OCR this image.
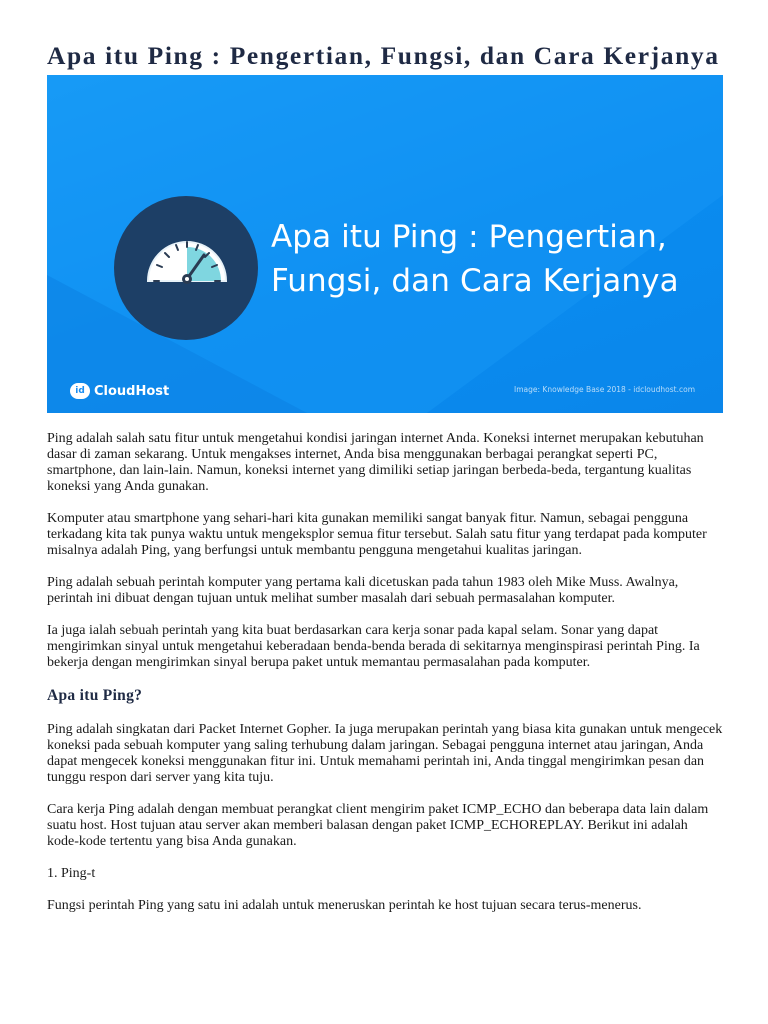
Apa itu Ping : Pengertian, Fungsi, dan Cara Kerjanya
Apa itu Ping : Pengertian,
Fungsi, dan Cara Kerjanya
id CloudHost	Image: Knowledge Base 2018 - idcloudhost.com

Ping adalah salah satu fitur untuk mengetahui kondisi jaringan internet Anda. Koneksi internet merupakan kebutuhan dasar di zaman sekarang. Untuk mengakses internet, Anda bisa menggunakan berbagai perangkat seperti PC, smartphone, dan lain-lain. Namun, koneksi internet yang dimiliki setiap jaringan berbeda-beda, tergantung kualitas koneksi yang Anda gunakan.

Komputer atau smartphone yang sehari-hari kita gunakan memiliki sangat banyak fitur. Namun, sebagai pengguna terkadang kita tak punya waktu untuk mengeksplor semua fitur tersebut. Salah satu fitur yang terdapat pada komputer misalnya adalah Ping, yang berfungsi untuk membantu pengguna mengetahui kualitas jaringan.

Ping adalah sebuah perintah komputer yang pertama kali dicetuskan pada tahun 1983 oleh Mike Muss. Awalnya, perintah ini dibuat dengan tujuan untuk melihat sumber masalah dari sebuah permasalahan komputer.

Ia juga ialah sebuah perintah yang kita buat berdasarkan cara kerja sonar pada kapal selam. Sonar yang dapat mengirimkan sinyal untuk mengetahui keberadaan benda-benda berada di sekitarnya menginspirasi perintah Ping. Ia bekerja dengan mengirimkan sinyal berupa paket untuk memantau permasalahan pada komputer.

Apa itu Ping?

Ping adalah singkatan dari Packet Internet Gopher. Ia juga merupakan perintah yang biasa kita gunakan untuk mengecek koneksi pada sebuah komputer yang saling terhubung dalam jaringan. Sebagai pengguna internet atau jaringan, Anda dapat mengecek koneksi menggunakan fitur ini. Untuk memahami perintah ini, Anda tinggal mengirimkan pesan dan tunggu respon dari server yang kita tuju.

Cara kerja Ping adalah dengan membuat perangkat client mengirim paket ICMP_ECHO dan beberapa data lain dalam suatu host. Host tujuan atau server akan memberi balasan dengan paket ICMP_ECHOREPLAY. Berikut ini adalah kode-kode tertentu yang bisa Anda gunakan.

1. Ping-t

Fungsi perintah Ping yang satu ini adalah untuk meneruskan perintah ke host tujuan secara terus-menerus.
